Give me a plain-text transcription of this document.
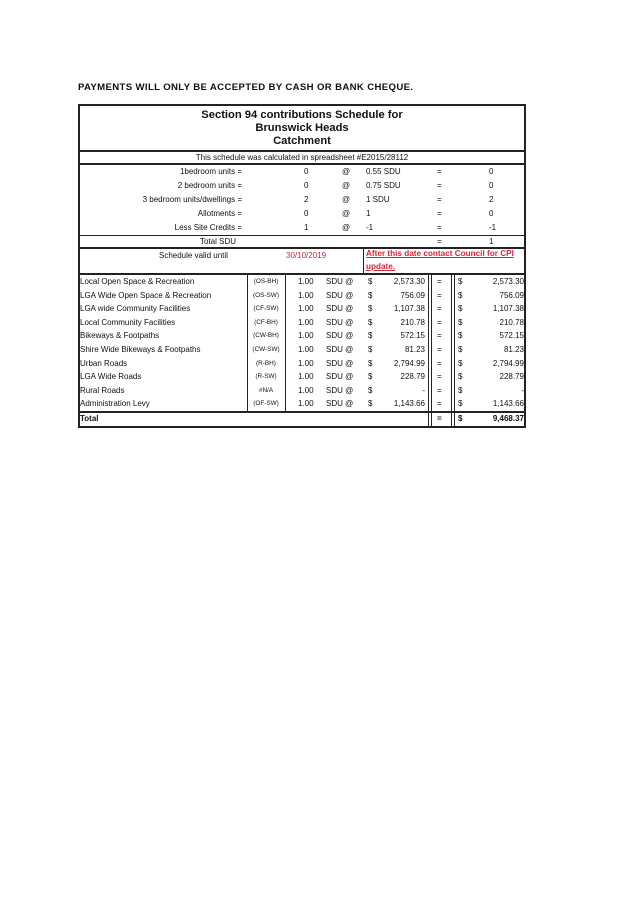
PAYMENTS WILL ONLY BE ACCEPTED BY CASH OR BANK CHEQUE.
Section 94 contributions Schedule for
Brunswick Heads
Catchment
This schedule was calculated in spreadsheet #E2015/28112
1bedroom units =	0	@ 0.55 SDU	=	0
2 bedroom units =	0	@ 0.75 SDU	=	0
3 bedroom units/dwellings =	2	@ 1 SDU	=	2
Allotments =	0	@ 1	=	0
Less Site Credits =	1	@ -1	=	-1
Total SDU	=	1
Schedule valid until	30/10/2019	After this date contact Council for CPI update.
Local Open Space & Recreation	(OS-BH)	1.00 SDU @ $	2,573.30 = $	2,573.30
LGA Wide Open Space & Recreation	(OS-SW)	1.00 SDU @ $	756.09 = $	756.09
LGA wide Community Facilities	(CF-SW)	1.00 SDU @ $	1,107.38 = $	1,107.38
Local Community Facilities	(CF-BH)	1.00 SDU @ $	210.78 = $	210.78
Bikeways & Footpaths	(CW-BH)	1.00 SDU @ $	572.15 = $	572.15
Shire Wide Bikeways & Footpaths	(CW-SW)	1.00 SDU @ $	81.23 = $	81.23
Urban Roads	(R-BH)	1.00 SDU @ $	2,794.99 = $	2,794.99
LGA Wide Roads	(R-SW)	1.00 SDU @ $	228.79 = $	228.79
Rural Roads	#N/A	1.00 SDU @ $	- = $	-
Administration Levy	(OF-SW)	1.00 SDU @ $	1,143.66 = $	1,143.66
Total	= $	9,468.37
